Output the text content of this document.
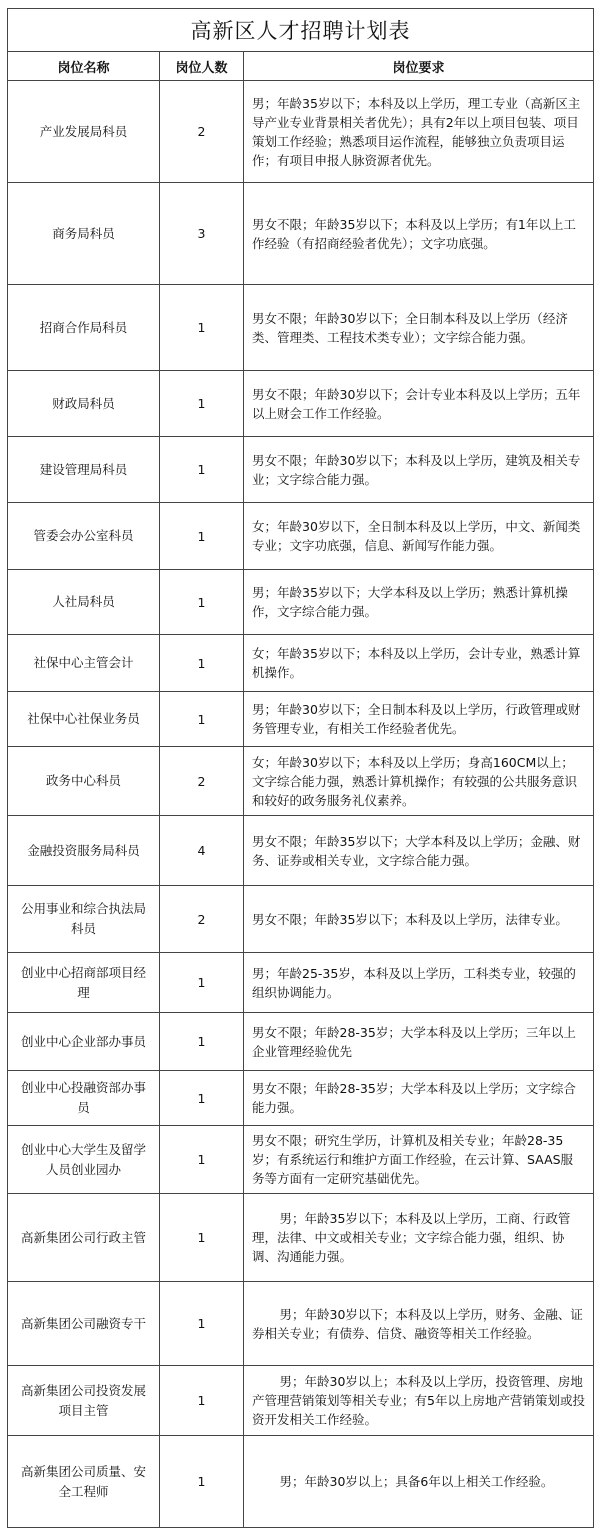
高新区人才招聘计划表		
岗位名称	岗位人数	岗位要求
产业发展局科员	2	男；年龄35岁以下；本科及以上学历，理工专业（高新区主导产业专业背景相关者优先）；具有2年以上项目包装、项目策划工作经验；熟悉项目运作流程，能够独立负责项目运作；有项目申报人脉资源者优先。
商务局科员	3	男女不限；年龄35岁以下；本科及以上学历；有1年以上工作经验（有招商经验者优先）；文字功底强。
招商合作局科员	1	男女不限；年龄30岁以下；全日制本科及以上学历（经济类、管理类、工程技术类专业）；文字综合能力强。
财政局科员	1	男女不限；年龄30岁以下；会计专业本科及以上学历；五年以上财会工作工作经验。
建设管理局科员	1	男女不限；年龄30岁以下；本科及以上学历，建筑及相关专业；文字综合能力强。
管委会办公室科员	1	女；年龄30岁以下，全日制本科及以上学历，中文、新闻类专业；文字功底强，信息、新闻写作能力强。
人社局科员	1	男；年龄35岁以下；大学本科及以上学历；熟悉计算机操作，文字综合能力强。
社保中心主管会计	1	女；年龄35岁以下；本科及以上学历，会计专业，熟悉计算机操作。
社保中心社保业务员	1	男；年龄30岁以下；全日制本科及以上学历，行政管理或财务管理专业，有相关工作经验者优先。
政务中心科员	2	女；年龄30岁以下；本科及以上学历；身高160CM以上；文字综合能力强，熟悉计算机操作；有较强的公共服务意识和较好的政务服务礼仪素养。
金融投资服务局科员	4	男女不限；年龄35岁以下；大学本科及以上学历；金融、财务、证券或相关专业，文字综合能力强。
公用事业和综合执法局科员	2	男女不限；年龄35岁以下；本科及以上学历，法律专业。
创业中心招商部项目经理	1	男；年龄25-35岁，本科及以上学历，工科类专业，较强的组织协调能力。
创业中心企业部办事员	1	男女不限；年龄28-35岁；大学本科及以上学历；三年以上企业管理经验优先
创业中心投融资部办事员	1	男女不限；年龄28-35岁；大学本科及以上学历；文字综合能力强。
创业中心大学生及留学人员创业园办	1	男女不限；研究生学历，计算机及相关专业；年龄28-35岁；有系统运行和维护方面工作经验，在云计算、SAAS服务等方面有一定研究基础优先。
高新集团公司行政主管	1	男；年龄35岁以下；本科及以上学历，工商、行政管理，法律、中文或相关专业；文字综合能力强，组织、协调、沟通能力强。
高新集团公司融资专干	1	男；年龄30岁以下；本科及以上学历，财务、金融、证券相关专业；有债券、信贷、融资等相关工作经验。
高新集团公司投资发展项目主管	1	男；年龄30岁以上；本科及以上学历，投资管理、房地产管理营销策划等相关专业；有5年以上房地产营销策划或投资开发相关工作经验。
高新集团公司质量、安全工程师	1	男；年龄30岁以上；具备6年以上相关工作经验。
